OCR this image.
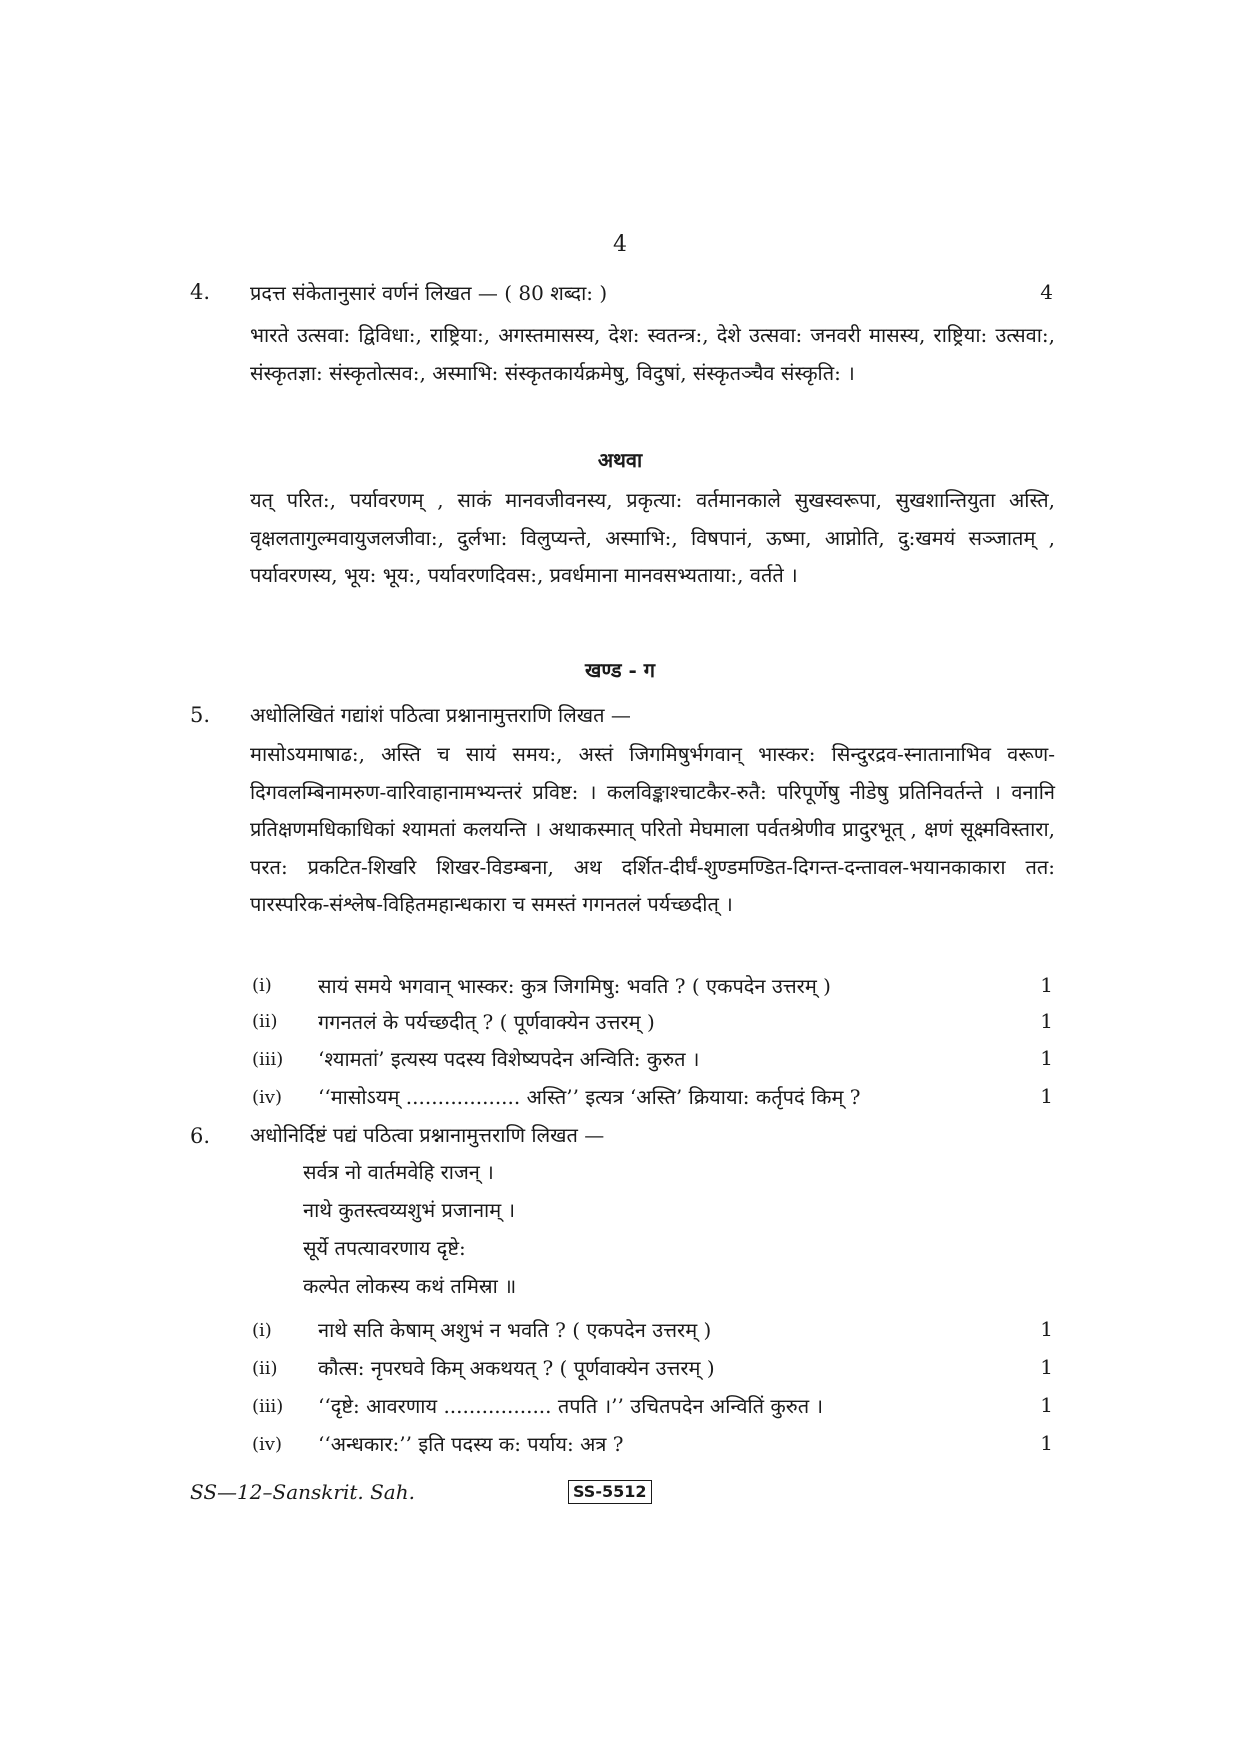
4
4. प्रदत्त संकेतानुसारं वर्णनं लिखत — ( 80 शब्दा: )	4
भारते उत्सवा: द्विविधा:, राष्ट्रिया:, अगस्तमासस्य, देश: स्वतन्त्र:, देशे उत्सवा: जनवरी मासस्य, राष्ट्रिया: उत्सवा:, संस्कृतज्ञा: संस्कृतोत्सव:, अस्माभि: संस्कृतकार्यक्रमेषु, विदुषां, संस्कृतञ्चैव संस्कृति: ।
अथवा
यत् परित:, पर्यावरणम् , साकं मानवजीवनस्य, प्रकृत्या: वर्तमानकाले सुखस्वरूपा, सुखशान्तियुता अस्ति, वृक्षलतागुल्मवायुजलजीवा:, दुर्लभा: विलुप्यन्ते, अस्माभि:, विषपानं, ऊष्मा, आप्नोति, दु:खमयं सञ्जातम् , पर्यावरणस्य, भूय: भूय:, पर्यावरणदिवस:, प्रवर्धमाना मानवसभ्यताया:, वर्तते ।
खण्ड - ग
5. अधोलिखितं गद्यांशं पठित्वा प्रश्नानामुत्तराणि लिखत —
मासोऽयमाषाढ:, अस्ति च सायं समय:, अस्तं जिगमिषुर्भगवान् भास्कर: सिन्दुरद्रव-स्नातानाभिव वरूण-दिगवलम्बिनामरुण-वारिवाहानामभ्यन्तरं प्रविष्ट: । कलविङ्काश्चाटकैर-रुतै: परिपूर्णेषु नीडेषु प्रतिनिवर्तन्ते । वनानि प्रतिक्षणमधिकाधिकां श्यामतां कलयन्ति । अथाकस्मात् परितो मेघमाला पर्वतश्रेणीव प्रादुरभूत् , क्षणं सूक्ष्मविस्तारा, परत: प्रकटित-शिखरि शिखर-विडम्बना, अथ दर्शित-दीर्घं-शुण्डमण्डित-दिगन्त-दन्तावल-भयानकाकारा तत: पारस्परिक-संश्लेष-विहितमहान्धकारा च समस्तं गगनतलं पर्यच्छदीत् ।
(i) सायं समये भगवान् भास्कर: कुत्र जिगमिषु: भवति ? ( एकपदेन उत्तरम् )	1
(ii) गगनतलं के पर्यच्छदीत् ? ( पूर्णवाक्येन उत्तरम् )	1
(iii) ‘श्यामतां’ इत्यस्य पदस्य विशेष्यपदेन अन्विति: कुरुत ।	1
(iv) ‘‘मासोऽयम् .................. अस्ति’’ इत्यत्र ‘अस्ति’ क्रियाया: कर्तृपदं किम् ?	1
6. अधोनिर्दिष्टं पद्यं पठित्वा प्रश्नानामुत्तराणि लिखत —
सर्वत्र नो वार्तमवेहि राजन् ।
नाथे कुतस्त्वय्यशुभं प्रजानाम् ।
सूर्ये तपत्यावरणाय दृष्टे:
कल्पेत लोकस्य कथं तमिस्रा ॥
(i) नाथे सति केषाम् अशुभं न भवति ? ( एकपदेन उत्तरम् )	1
(ii) कौत्स: नृपरघवे किम् अकथयत् ? ( पूर्णवाक्येन उत्तरम् )	1
(iii) ‘‘दृष्टे: आवरणाय ................. तपति ।’’ उचितपदेन अन्वितिं कुरुत ।	1
(iv) ‘‘अन्धकार:’’ इति पदस्य क: पर्याय: अत्र ?	1
SS—12–Sanskrit. Sah.	SS-5512
